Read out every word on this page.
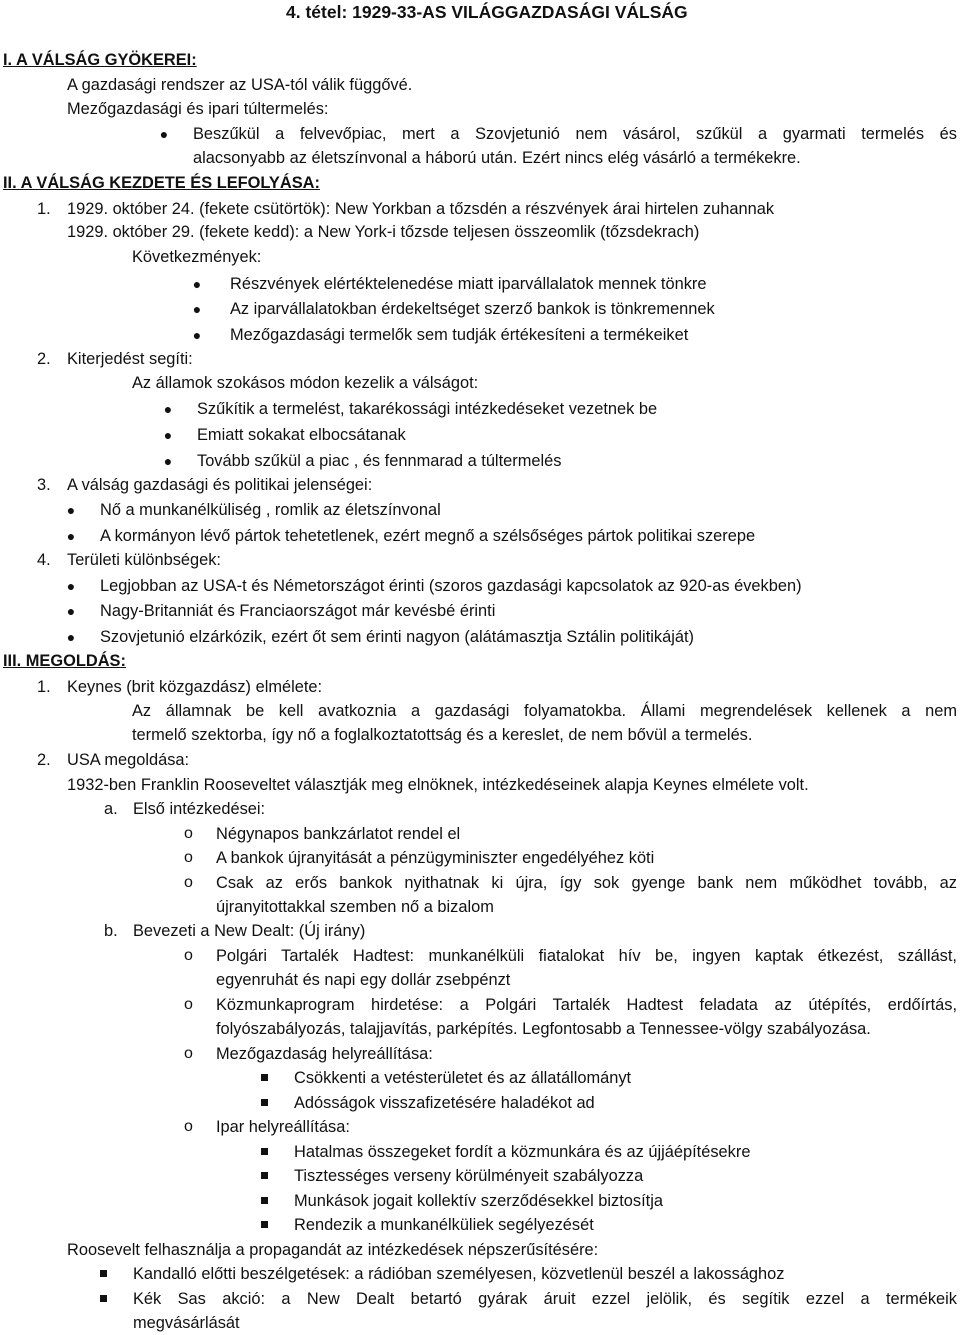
4. tétel: 1929-33-AS VILÁGGAZDASÁGI VÁLSÁG
I. A VÁLSÁG GYÖKEREI:
A gazdasági rendszer az USA-tól válik függővé.
Mezőgazdasági és ipari túltermelés:
● Beszűkül a felvevőpiac, mert a Szovjetunió nem vásárol, szűkül a gyarmati termelés és
alacsonyabb az életszínvonal a háború után. Ezért nincs elég vásárló a termékekre.
II. A VÁLSÁG KEZDETE ÉS LEFOLYÁSA:
1. 1929. október 24. (fekete csütörtök): New Yorkban a tőzsdén a részvények árai hirtelen zuhannak
1929. október 29. (fekete kedd): a New York-i tőzsde teljesen összeomlik (tőzsdekrach)
Következmények:
● Részvények elértéktelenedése miatt iparvállalatok mennek tönkre
● Az iparvállalatokban érdekeltséget szerző bankok is tönkremennek
● Mezőgazdasági termelők sem tudják értékesíteni a termékeiket
2. Kiterjedést segíti:
Az államok szokásos módon kezelik a válságot:
● Szűkítik a termelést, takarékossági intézkedéseket vezetnek be
● Emiatt sokakat elbocsátanak
● Tovább szűkül a piac , és fennmarad a túltermelés
3. A válság gazdasági és politikai jelenségei:
● Nő a munkanélküliség , romlik az életszínvonal
● A kormányon lévő pártok tehetetlenek, ezért megnő a szélsőséges pártok politikai szerepe
4. Területi különbségek:
● Legjobban az USA-t és Németországot érinti (szoros gazdasági kapcsolatok az 920-as években)
● Nagy-Britanniát és Franciaországot már kevésbé érinti
● Szovjetunió elzárkózik, ezért őt sem érinti nagyon (alátámasztja Sztálin politikáját)
III. MEGOLDÁS:
1. Keynes (brit közgazdász) elmélete:
Az államnak be kell avatkoznia a gazdasági folyamatokba. Állami megrendelések kellenek a nem
termelő szektorba, így nő a foglalkoztatottság és a kereslet, de nem bővül a termelés.
2. USA megoldása:
1932-ben Franklin Rooseveltet választják meg elnöknek, intézkedéseinek alapja Keynes elmélete volt.
a. Első intézkedései:
o Négynapos bankzárlatot rendel el
o A bankok újranyitását a pénzügyminiszter engedélyéhez köti
o Csak az erős bankok nyithatnak ki újra, így sok gyenge bank nem működhet tovább, az
újranyitottakkal szemben nő a bizalom
b. Bevezeti a New Dealt: (Új irány)
o Polgári Tartalék Hadtest: munkanélküli fiatalokat hív be, ingyen kaptak étkezést, szállást,
egyenruhát és napi egy dollár zsebpénzt
o Közmunkaprogram hirdetése: a Polgári Tartalék Hadtest feladata az útépítés, erdőírtás,
folyószabályozás, talajjavítás, parképítés. Legfontosabb a Tennessee-völgy szabályozása.
o Mezőgazdaság helyreállítása:
Csökkenti a vetésterületet és az állatállományt
Adósságok visszafizetésére haladékot ad
o Ipar helyreállítása:
Hatalmas összegeket fordít a közmunkára és az újjáépítésekre
Tisztességes verseny körülményeit szabályozza
Munkások jogait kollektív szerződésekkel biztosítja
Rendezik a munkanélküliek segélyezését
Roosevelt felhasználja a propagandát az intézkedések népszerűsítésére:
Kandalló előtti beszélgetések: a rádióban személyesen, közvetlenül beszél a lakossághoz
Kék Sas akció: a New Dealt betartó gyárak áruit ezzel jelölik, és segítik ezzel a termékeik
megvásárlását
